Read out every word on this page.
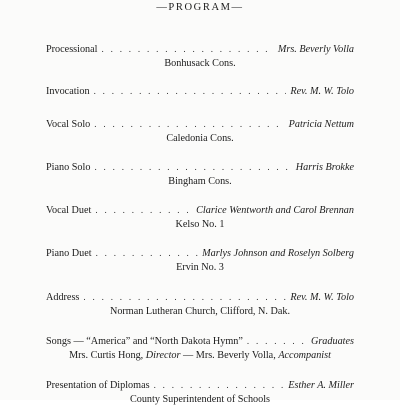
—PROGRAM—
Processional . . .	Mrs. Beverly Volla
Bonhusack Cons.
Invocation . . .	Rev. M. W. Tolo
Vocal Solo . . .	Patricia Nettum
Caledonia Cons.
Piano Solo . . .	Harris Brokke
Bingham Cons.
Vocal Duet . . .	Clarice Wentworth and Carol Brennan
Kelso No. 1
Piano Duet . . .	Marlys Johnson and Roselyn Solberg
Ervin No. 3
Address . . .	Rev. M. W. Tolo
Norman Lutheran Church, Clifford, N. Dak.
Songs — “America” and “North Dakota Hymn” . . .	Graduates
Mrs. Curtis Hong, Director — Mrs. Beverly Volla, Accompanist
Presentation of Diplomas . . .	Esther A. Miller
County Superintendent of Schools
